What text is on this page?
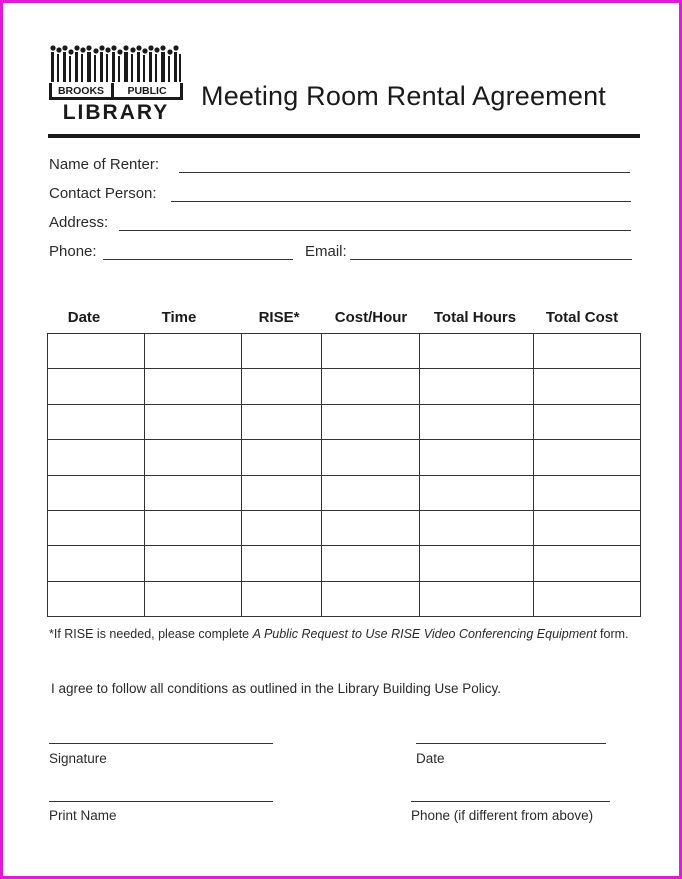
BROOKS PUBLIC
LIBRARY
Meeting Room Rental Agreement
Name of Renter:
Contact Person:
Address:
Phone:	Email:
Date	Time	RISE*	Cost/Hour	Total Hours	Total Cost

*If RISE is needed, please complete A Public Request to Use RISE Video Conferencing Equipment form.
I agree to follow all conditions as outlined in the Library Building Use Policy.
Signature	Date
Print Name	Phone (if different from above)
